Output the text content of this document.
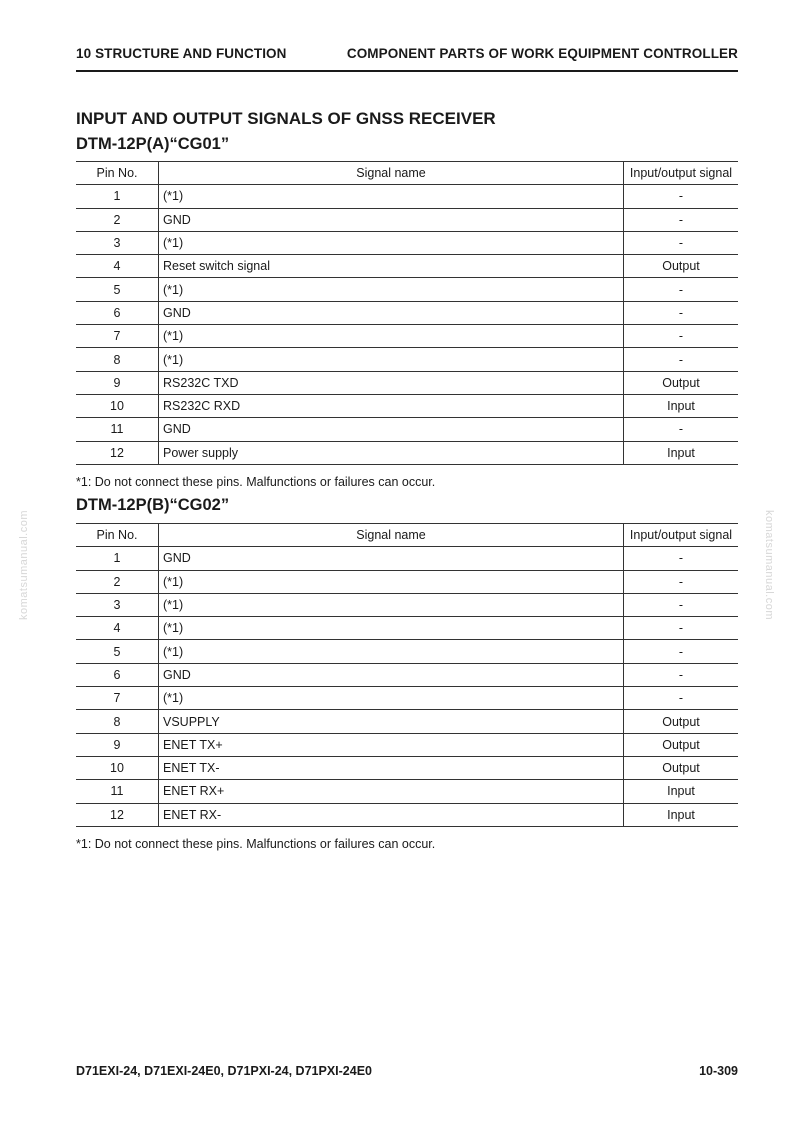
10 STRUCTURE AND FUNCTION	COMPONENT PARTS OF WORK EQUIPMENT CONTROLLER
INPUT AND OUTPUT SIGNALS OF GNSS RECEIVER
DTM-12P(A)“CG01”
Pin No.	Signal name	Input/output signal
1	(*1)	-
2	GND	-
3	(*1)	-
4	Reset switch signal	Output
5	(*1)	-
6	GND	-
7	(*1)	-
8	(*1)	-
9	RS232C TXD	Output
10	RS232C RXD	Input
11	GND	-
12	Power supply	Input

*1: Do not connect these pins. Malfunctions or failures can occur.

DTM-12P(B)“CG02”
Pin No.	Signal name	Input/output signal
1	GND	-
2	(*1)	-
3	(*1)	-
4	(*1)	-
5	(*1)	-
6	GND	-
7	(*1)	-
8	VSUPPLY	Output
9	ENET TX+	Output
10	ENET TX-	Output
11	ENET RX+	Input
12	ENET RX-	Input

*1: Do not connect these pins. Malfunctions or failures can occur.

komatsumanual.com	komatsumanual.com
D71EXI-24, D71EXI-24E0, D71PXI-24, D71PXI-24E0	10-309
